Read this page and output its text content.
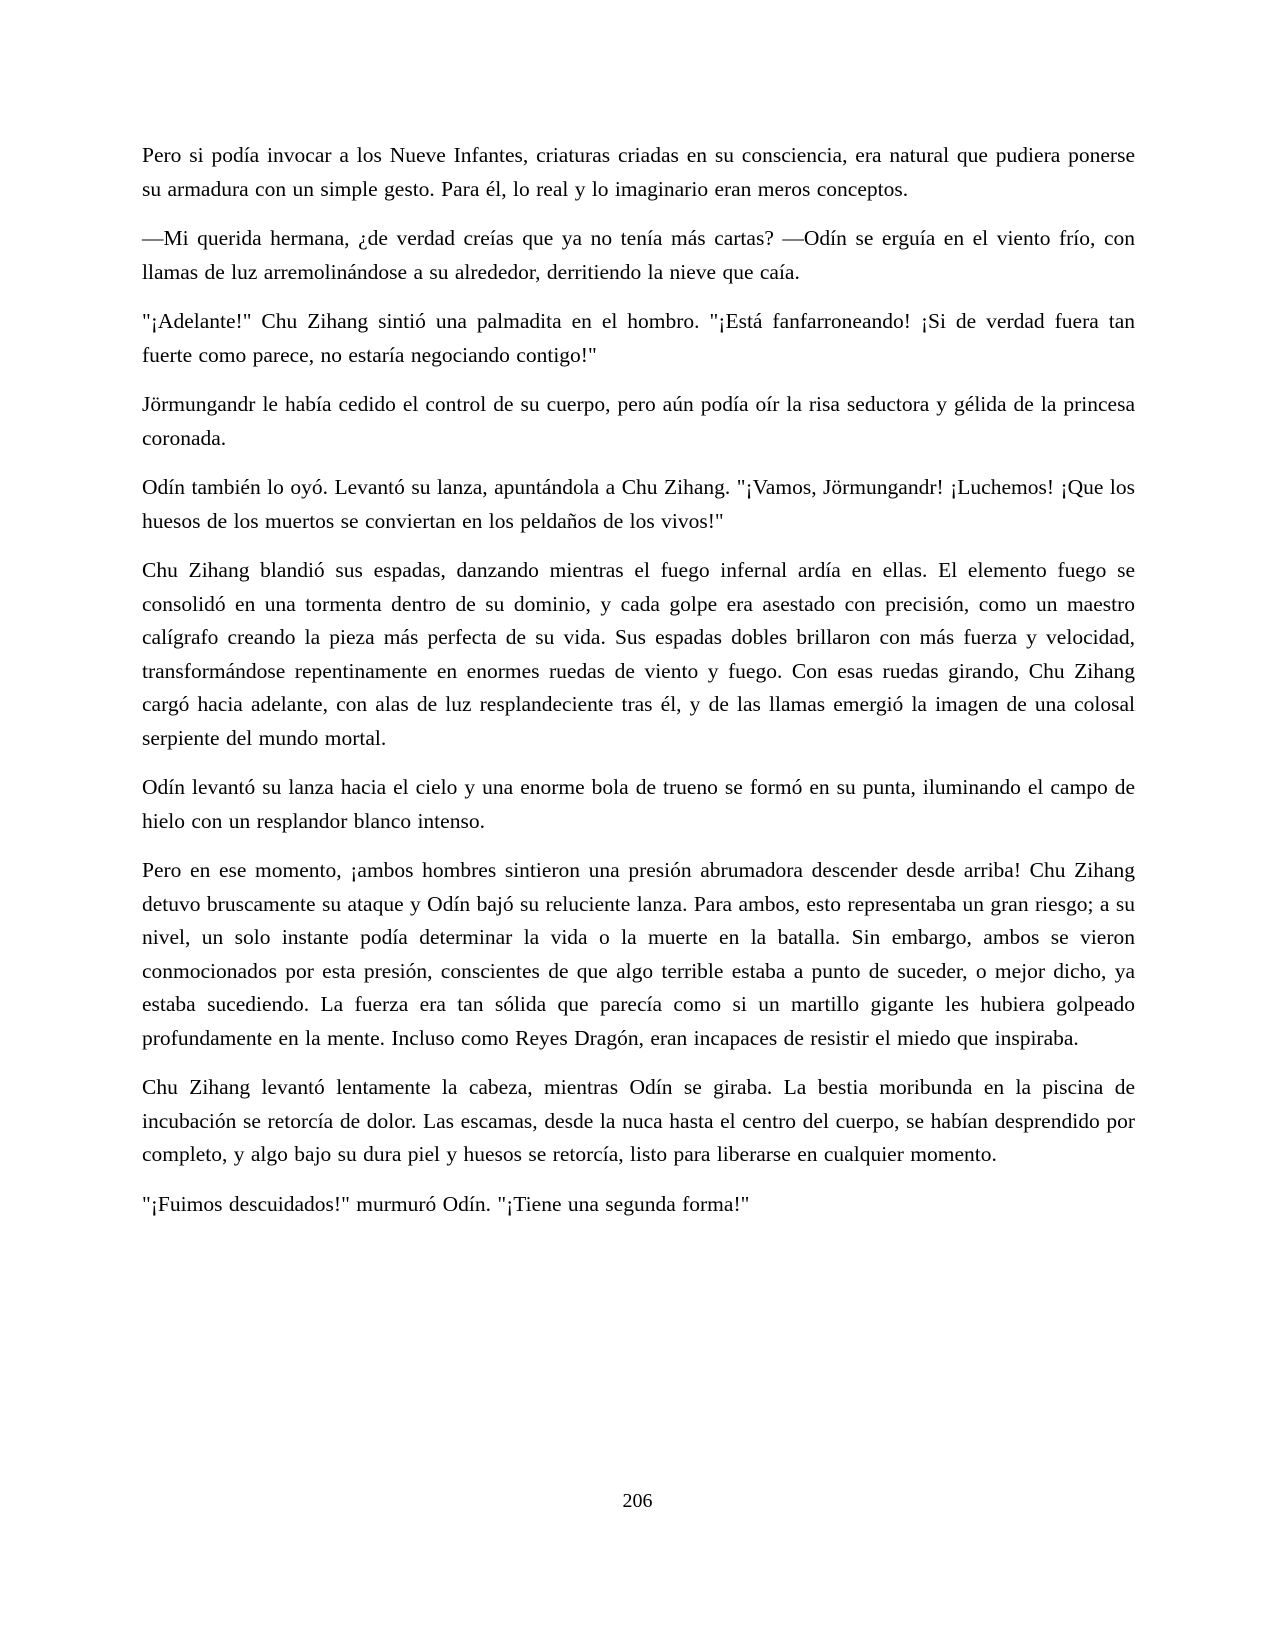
Pero si podía invocar a los Nueve Infantes, criaturas criadas en su consciencia, era natural que pudiera ponerse su armadura con un simple gesto. Para él, lo real y lo imaginario eran meros conceptos.

—Mi querida hermana, ¿de verdad creías que ya no tenía más cartas? —Odín se erguía en el viento frío, con llamas de luz arremolinándose a su alrededor, derritiendo la nieve que caía.

"¡Adelante!" Chu Zihang sintió una palmadita en el hombro. "¡Está fanfarroneando! ¡Si de verdad fuera tan fuerte como parece, no estaría negociando contigo!"

Jörmungandr le había cedido el control de su cuerpo, pero aún podía oír la risa seductora y gélida de la princesa coronada.

Odín también lo oyó. Levantó su lanza, apuntándola a Chu Zihang. "¡Vamos, Jörmungandr! ¡Luchemos! ¡Que los huesos de los muertos se conviertan en los peldaños de los vivos!"

Chu Zihang blandió sus espadas, danzando mientras el fuego infernal ardía en ellas. El elemento fuego se consolidó en una tormenta dentro de su dominio, y cada golpe era asestado con precisión, como un maestro calígrafo creando la pieza más perfecta de su vida. Sus espadas dobles brillaron con más fuerza y velocidad, transformándose repentinamente en enormes ruedas de viento y fuego. Con esas ruedas girando, Chu Zihang cargó hacia adelante, con alas de luz resplandeciente tras él, y de las llamas emergió la imagen de una colosal serpiente del mundo mortal.

Odín levantó su lanza hacia el cielo y una enorme bola de trueno se formó en su punta, iluminando el campo de hielo con un resplandor blanco intenso.

Pero en ese momento, ¡ambos hombres sintieron una presión abrumadora descender desde arriba! Chu Zihang detuvo bruscamente su ataque y Odín bajó su reluciente lanza. Para ambos, esto representaba un gran riesgo; a su nivel, un solo instante podía determinar la vida o la muerte en la batalla. Sin embargo, ambos se vieron conmocionados por esta presión, conscientes de que algo terrible estaba a punto de suceder, o mejor dicho, ya estaba sucediendo. La fuerza era tan sólida que parecía como si un martillo gigante les hubiera golpeado profundamente en la mente. Incluso como Reyes Dragón, eran incapaces de resistir el miedo que inspiraba.

Chu Zihang levantó lentamente la cabeza, mientras Odín se giraba. La bestia moribunda en la piscina de incubación se retorcía de dolor. Las escamas, desde la nuca hasta el centro del cuerpo, se habían desprendido por completo, y algo bajo su dura piel y huesos se retorcía, listo para liberarse en cualquier momento.

"¡Fuimos descuidados!" murmuró Odín. "¡Tiene una segunda forma!"

206
